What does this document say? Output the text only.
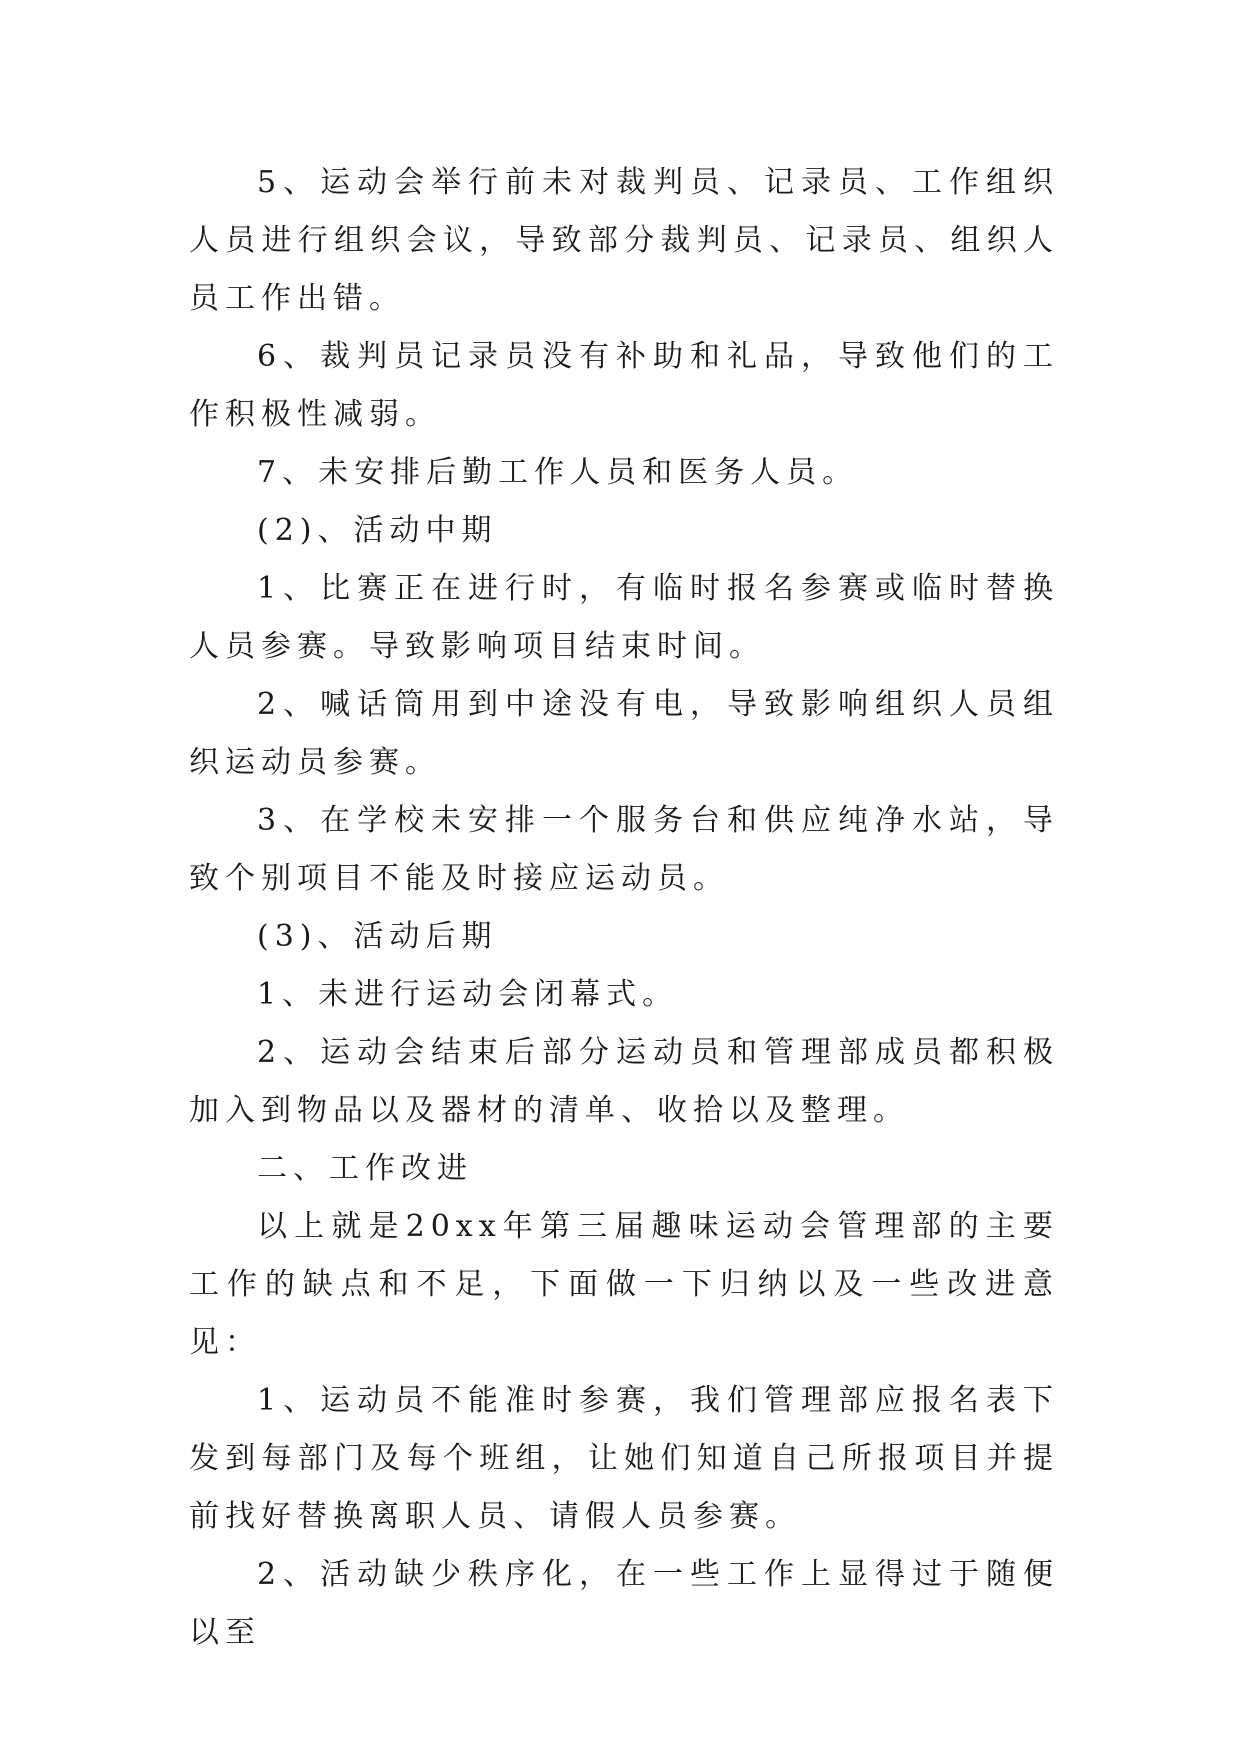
5、运动会举行前未对裁判员、记录员、工作组织人员进行组织会议，导致部分裁判员、记录员、组织人员工作出错。

6、裁判员记录员没有补助和礼品，导致他们的工作积极性减弱。

7、未安排后勤工作人员和医务人员。

(2)、活动中期

1、比赛正在进行时，有临时报名参赛或临时替换人员参赛。导致影响项目结束时间。

2、喊话筒用到中途没有电，导致影响组织人员组织运动员参赛。

3、在学校未安排一个服务台和供应纯净水站，导致个别项目不能及时接应运动员。

(3)、活动后期

1、未进行运动会闭幕式。

2、运动会结束后部分运动员和管理部成员都积极加入到物品以及器材的清单、收拾以及整理。

二、工作改进

以上就是20xx年第三届趣味运动会管理部的主要工作的缺点和不足，下面做一下归纳以及一些改进意见：

1、运动员不能准时参赛，我们管理部应报名表下发到每部门及每个班组，让她们知道自己所报项目并提前找好替换离职人员、请假人员参赛。

2、活动缺少秩序化，在一些工作上显得过于随便以至
